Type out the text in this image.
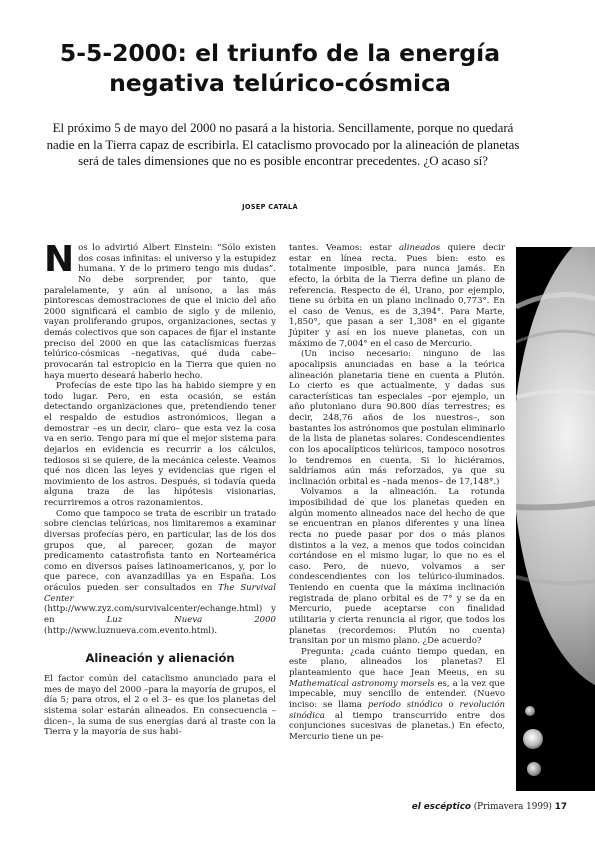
5-5-2000: el triunfo de la energía
negativa telúrico-cósmica

El próximo 5 de mayo del 2000 no pasará a la historia. Sencillamente, porque no quedará nadie en la Tierra capaz de escribirla. El cataclismo provocado por la alineación de planetas será de tales dimensiones que no es posible encontrar precedentes. ¿O acaso sí?

JOSEP CATALÀ

Nos lo advirtió Albert Einstein: “Sólo existen dos cosas infinitas: el universo y la estupidez humana. Y de lo primero tengo mis dudas”. No debe sorprender, por tanto, que paralelamente, y aún al unísono, a las más pintorescas demostraciones de que el inicio del año 2000 significará el cambio de siglo y de milenio, vayan proliferando grupos, organizaciones, sectas y demás colectivos que son capaces de fijar el instante preciso del 2000 en que las cataclísmicas fuerzas telúrico-cósmicas –negativas, qué duda cabe– provocarán tal estropicio en la Tierra que quien no haya muerto deseará haberlo hecho.

Profecías de este tipo las ha habido siempre y en todo lugar. Pero, en esta ocasión, se están detectando organizaciones que, pretendiendo tener el respaldo de estudios astronómicos, llegan a demostrar –es un decir, claro– que esta vez la cosa va en serio. Tengo para mí que el mejor sistema para dejarlos en evidencia es recurrir a los cálculos, tediosos si se quiere, de la mecánica celeste. Veamos qué nos dicen las leyes y evidencias que rigen el movimiento de los astros. Después, si todavía queda alguna traza de las hipótesis visionarias, recurriremos a otros razonamientos.

Como que tampoco se trata de escribir un tratado sobre ciencias telúricas, nos limitaremos a examinar diversas profecías pero, en particular, las de los dos grupos que, al parecer, gozan de mayor predicamento catastrofista tanto en Norteamérica como en diversos países latinoamericanos, y, por lo que parece, con avanzadillas ya en España. Los oráculos pueden ser consultados en The Survival Center (http://www.zyz.com/survivalcenter/echange.html) y en	Luz Nueva 2000 (http://www.luznueva.com.evento.html).

Alineación y alienación

El factor común del cataclismo anunciado para el mes de mayo del 2000 –para la mayoría de grupos, el día 5; para otros, el 2 o el 3– es que los planetas del sistema solar estarán alineados. En consecuencia –dicen–, la suma de sus energías dará al traste con la Tierra y la mayoría de sus habi-

tantes. Veamos: estar alineados quiere decir estar en línea recta. Pues bien: esto es totalmente imposible, para nunca jamás. En efecto, la órbita de la Tierra define un plano de referencia. Respecto de él, Urano, por ejemplo, tiene su órbita en un plano inclinado 0,773°. En el caso de Venus, es de 3,394°. Para Marte, 1,850°, que pasan a ser 1,308° en el gigante Júpiter y así en los nueve planetas, con un máximo de 7,004° en el caso de Mercurio.

(Un inciso necesario: ninguno de las apocalipsis anunciadas en base a la teórica alineación planetaria tiene en cuenta a Plutón. Lo cierto es que actualmente, y dadas sus características tan especiales –por ejemplo, un año plutoniano dura 90.800 días terrestres; es decir, 248,76 años de los nuestros–, son bastantes los astrónomos que postulan eliminarlo de la lista de planetas solares. Condescendientes con los apocalípticos telúricos, tampoco nosotros lo tendremos en cuenta. Si lo hiciéramos, saldríamos aún más reforzados, ya que su inclinación orbital es –nada menos– de 17,148°.)

Volvamos a la alineación. La rotunda imposibilidad de que los planetas queden en algún momento alineados nace del hecho de que se encuentran en planos diferentes y una línea recta no puede pasar por dos o más planos distintos a la vez, a menos que todos coincidan cortándose en el mismo lugar, lo que no es el caso. Pero, de nuevo, volvamos a ser condescendientes con los telúrico-iluminados. Teniendo en cuenta que la máxima inclinación registrada de plano orbital es de 7° y se da en Mercurio, puede aceptarse con finalidad utilitaria y cierta renuncia al rigor, que todos los planetas (recordemos: Plutón no cuenta) transitan por un mismo plano. ¿De acuerdo?

Pregunta: ¿cada cuánto tiempo quedan, en este plano, alineados los planetas? El planteamiento que hace Jean Meeus, en su Mathematical astronomy morsels es, a la vez que impecable, muy sencillo de entender. (Nuevo inciso: se llama periodo sinódico o revolución sinódica al tiempo transcurrido entre dos conjunciones sucesivas de planetas.) En efecto, Mercurio tiene un pe-

el escéptico (Primavera 1999) 17
